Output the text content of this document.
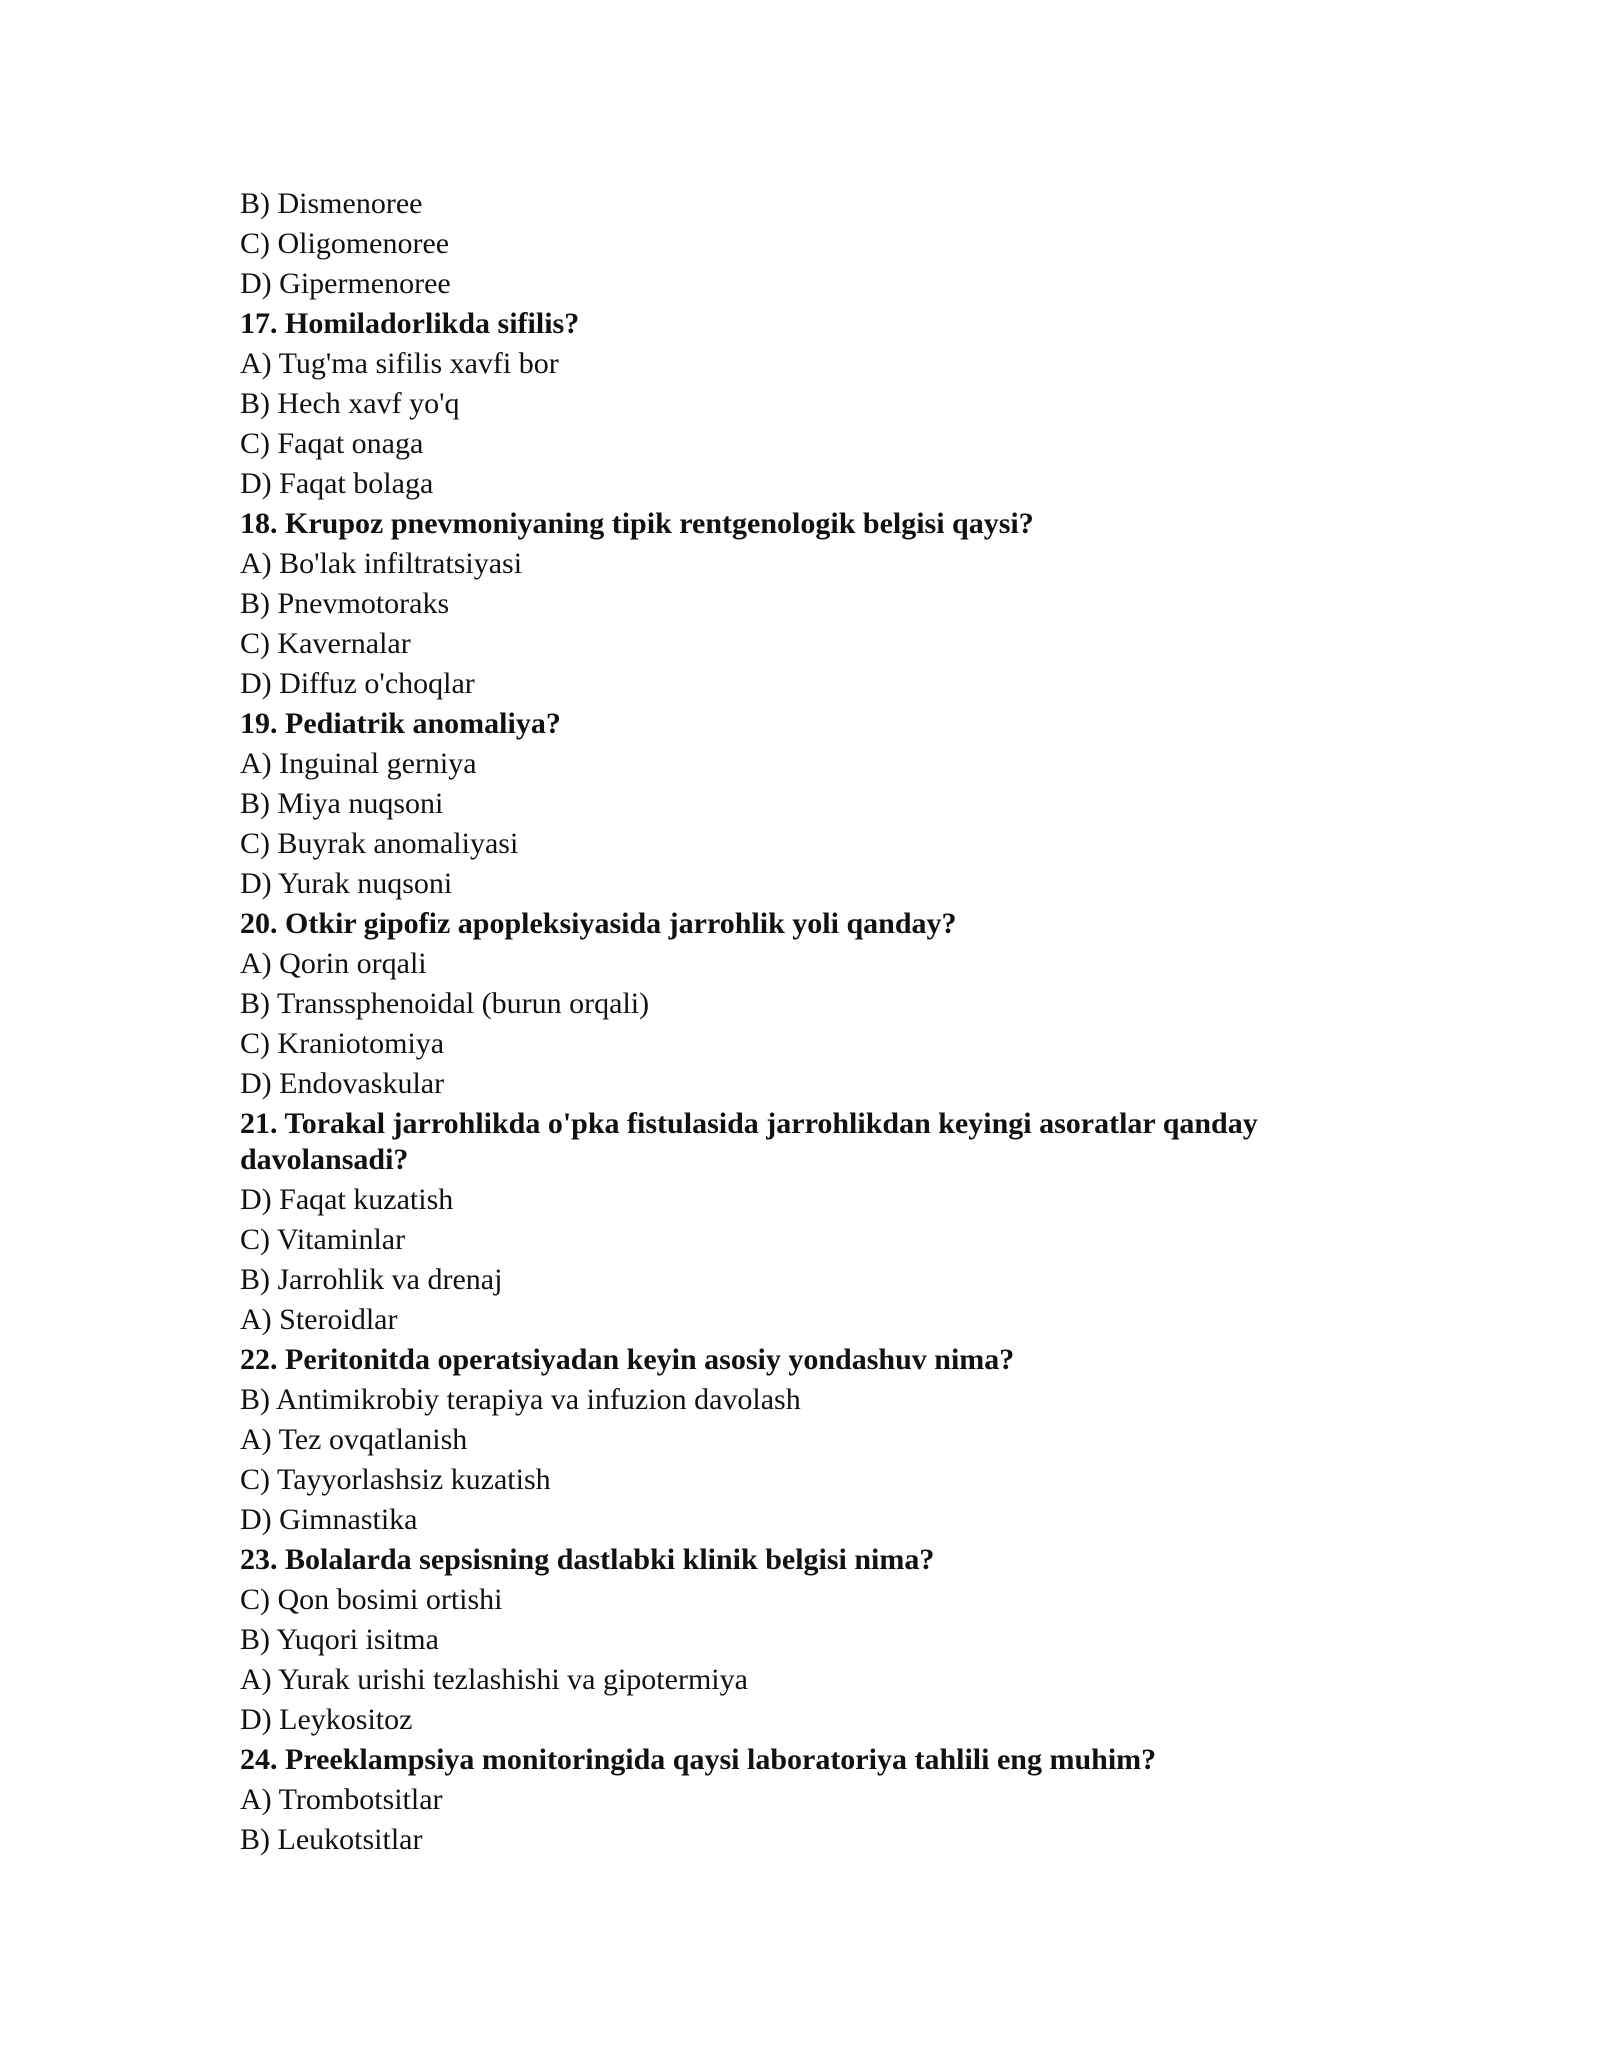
B) Dismenoree
C) Oligomenoree
D) Gipermenoree
17. Homiladorlikda sifilis?
A) Tug'ma sifilis xavfi bor
B) Hech xavf yo'q
C) Faqat onaga
D) Faqat bolaga
18. Krupoz pnevmoniyaning tipik rentgenologik belgisi qaysi?
A) Bo'lak infiltratsiyasi
B) Pnevmotoraks
C) Kavernalar
D) Diffuz o'choqlar
19. Pediatrik anomaliya?
A) Inguinal gerniya
B) Miya nuqsoni
C) Buyrak anomaliyasi
D) Yurak nuqsoni
20. Otkir gipofiz apopleksiyasida jarrohlik yoli qanday?
A) Qorin orqali
B) Transsphenoidal (burun orqali)
C) Kraniotomiya
D) Endovaskular
21. Torakal jarrohlikda o'pka fistulasida jarrohlikdan keyingi asoratlar qanday davolansadi?
D) Faqat kuzatish
C) Vitaminlar
B) Jarrohlik va drenaj
A) Steroidlar
22. Peritonitda operatsiyadan keyin asosiy yondashuv nima?
B) Antimikrobiy terapiya va infuzion davolash
A) Tez ovqatlanish
C) Tayyorlashsiz kuzatish
D) Gimnastika
23. Bolalarda sepsisning dastlabki klinik belgisi nima?
C) Qon bosimi ortishi
B) Yuqori isitma
A) Yurak urishi tezlashishi va gipotermiya
D) Leykositoz
24. Preeklampsiya monitoringida qaysi laboratoriya tahlili eng muhim?
A) Trombotsitlar
B) Leukotsitlar
